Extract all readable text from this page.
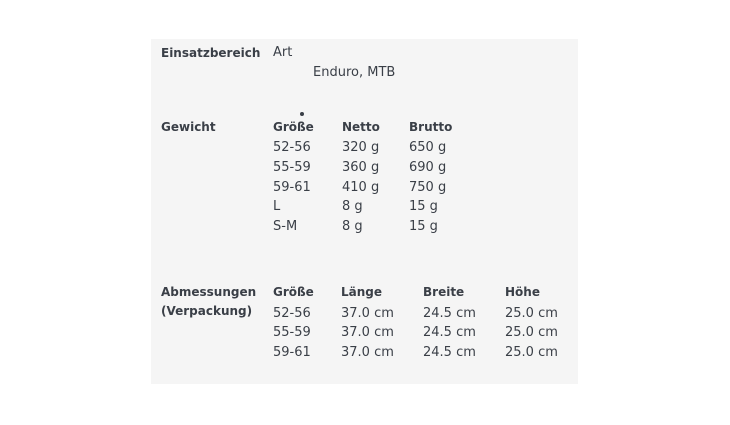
Einsatzbereich Art
Enduro, MTB
Gewicht	Größe Netto Brutto
52-56 320 g 650 g
55-59 360 g 690 g
59-61 410 g 750 g
L	8 g	15 g
S-M	8 g	15 g
Abmessungen
(Verpackung)
Größe Länge	Breite	Höhe
52-56 37.0 cm 24.5 cm 25.0 cm
55-59 37.0 cm 24.5 cm 25.0 cm
59-61 37.0 cm 24.5 cm 25.0 cm
